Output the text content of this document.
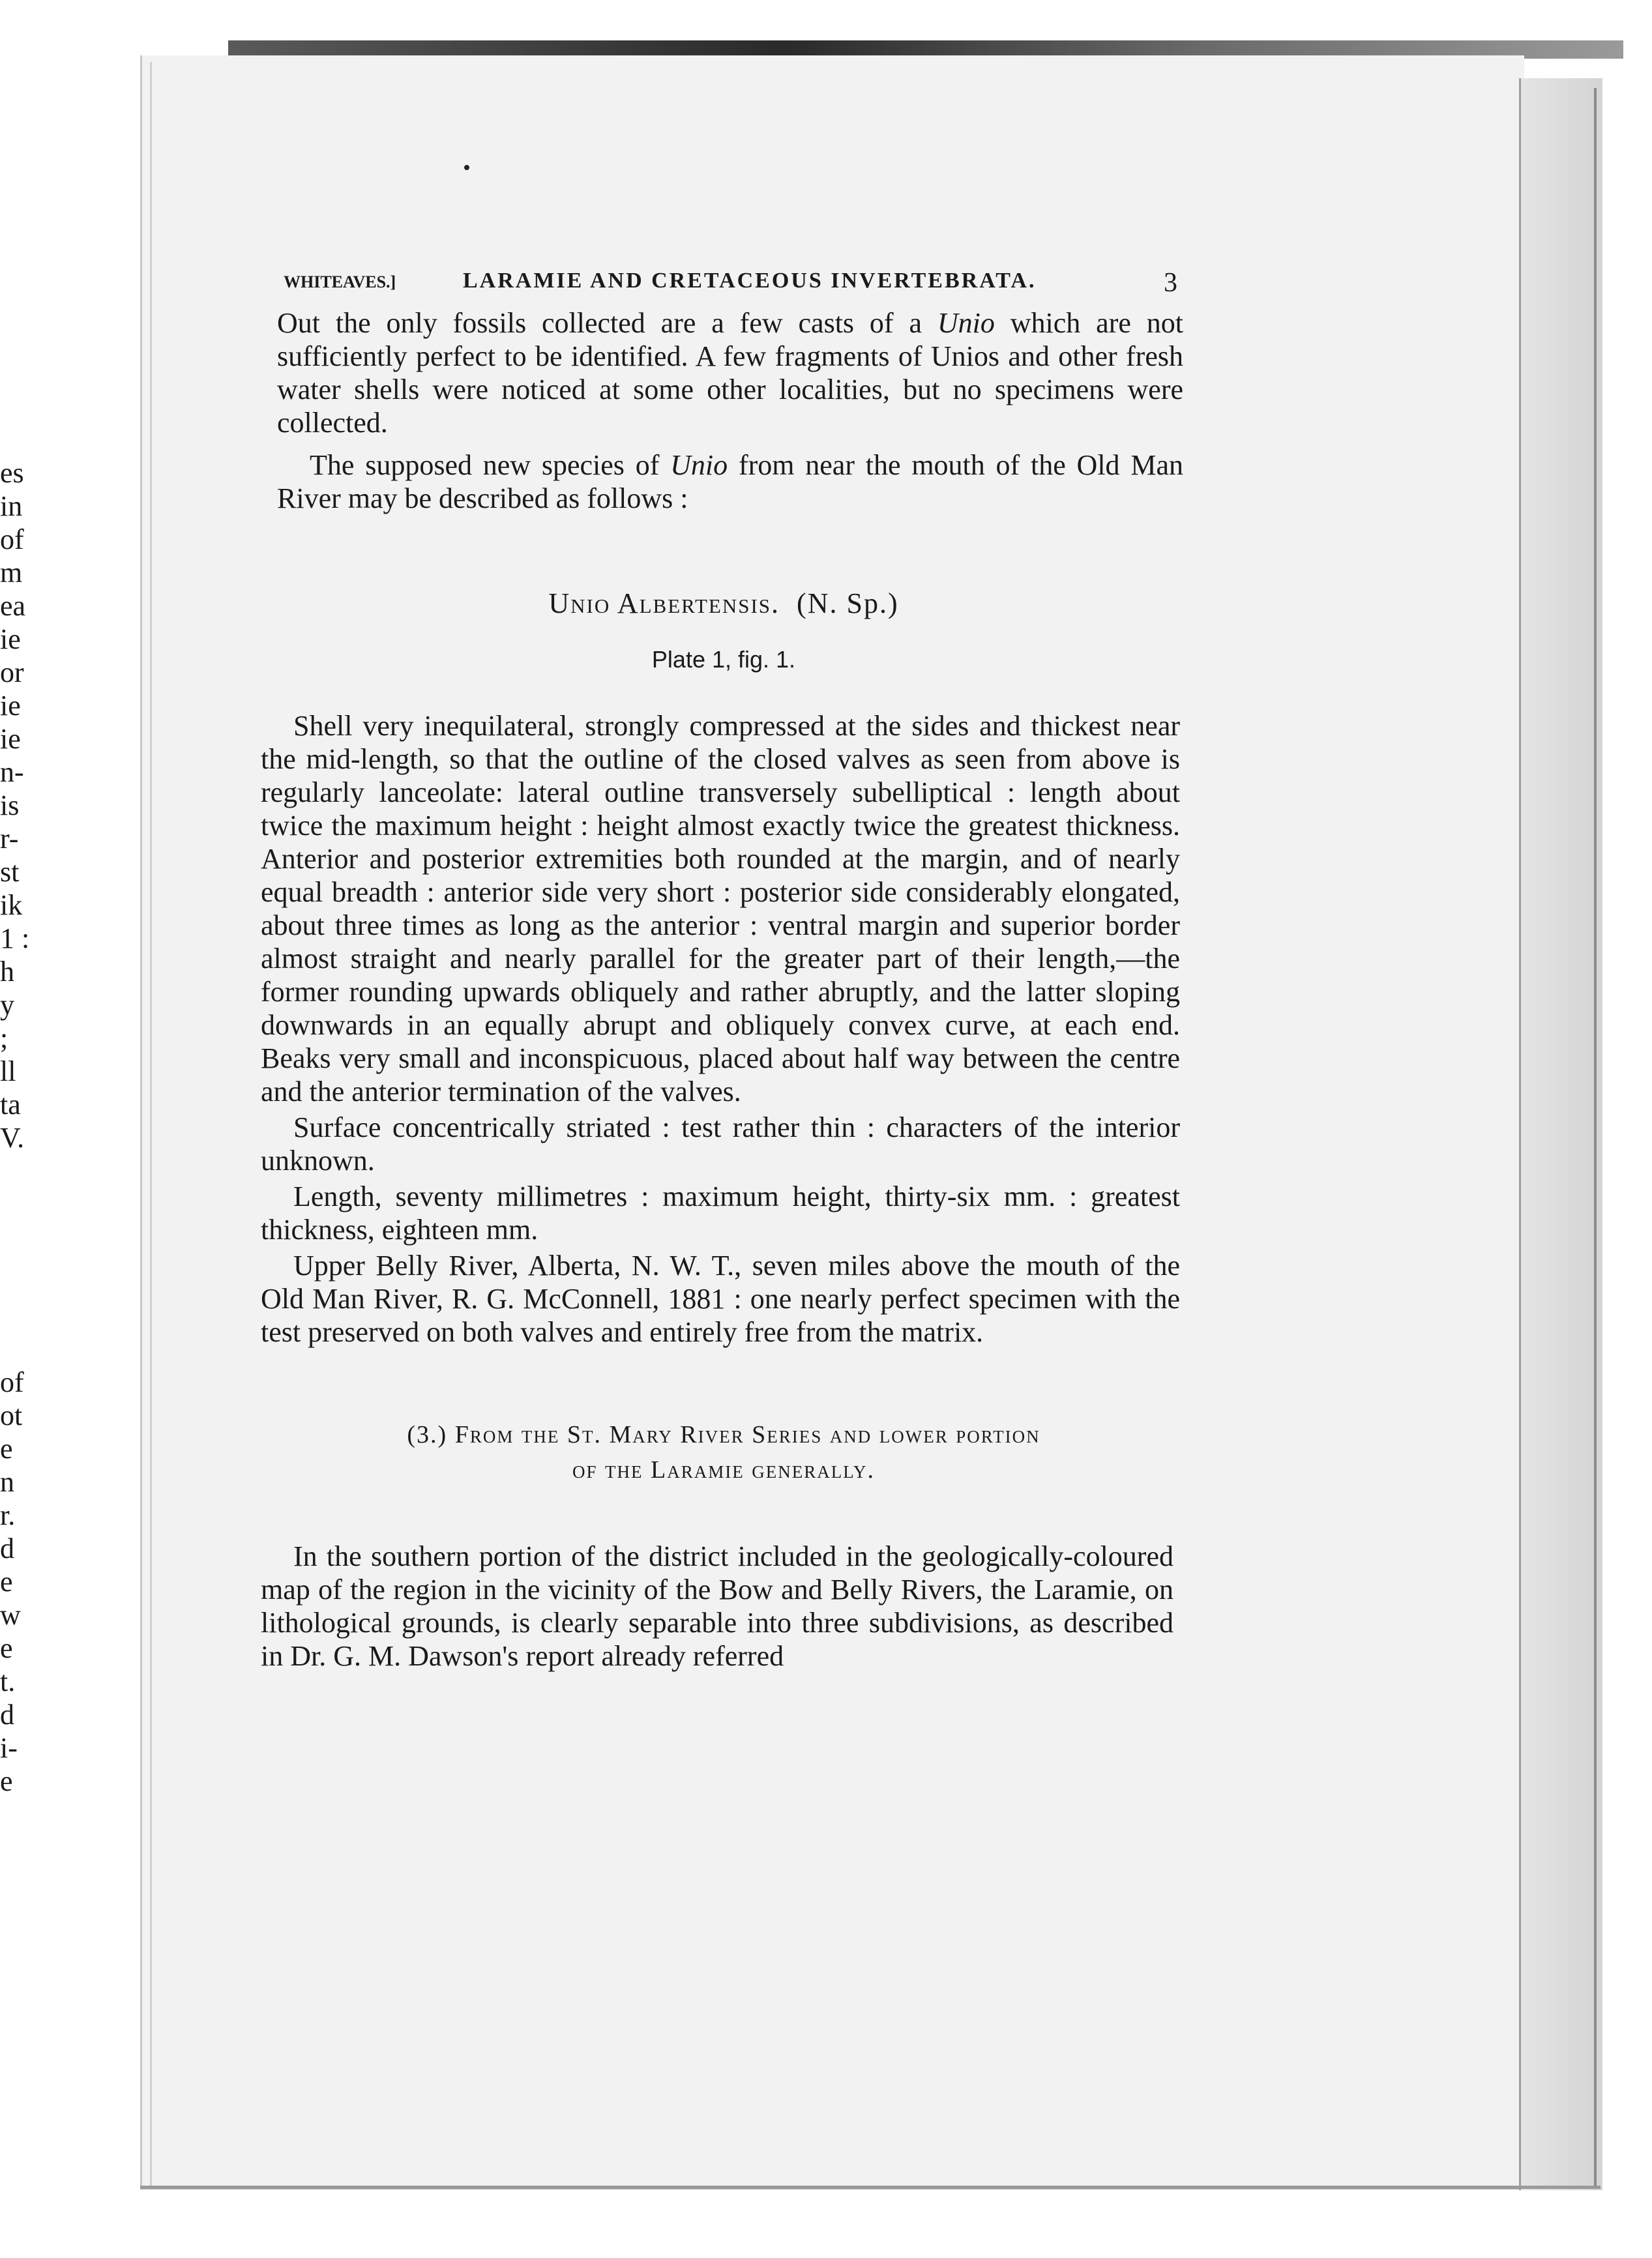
es
in
of
m
ea
ie
or
ie
ie
n-
is
r-
st
ik
1 :
h
y
;
ll
ta
V.
of
ot
e
n
r.
d
e
w
e
t.
d
i-
e
WHITEAVES.]	LARAMIE AND CRETACEOUS INVERTEBRATA.	3

Out the only fossils collected are a few casts of a Unio which are not sufficiently perfect to be identified. A few fragments of Unios and other fresh water shells were noticed at some other localities, but no specimens were collected.

The supposed new species of Unio from near the mouth of the Old Man River may be described as follows :

Unio Albertensis. (N. Sp.)
Plate 1, fig. 1.

Shell very inequilateral, strongly compressed at the sides and thickest near the mid-length, so that the outline of the closed valves as seen from above is regularly lanceolate: lateral outline transversely subelliptical : length about twice the maximum height : height almost exactly twice the greatest thickness. Anterior and posterior extremities both rounded at the margin, and of nearly equal breadth : anterior side very short : posterior side considerably elongated, about three times as long as the anterior : ventral margin and superior border almost straight and nearly parallel for the greater part of their length,—the former rounding upwards obliquely and rather abruptly, and the latter sloping downwards in an equally abrupt and obliquely convex curve, at each end. Beaks very small and inconspicuous, placed about half way between the centre and the anterior termination of the valves.

Surface concentrically striated : test rather thin : characters of the interior unknown.

Length, seventy millimetres : maximum height, thirty-six mm. : greatest thickness, eighteen mm.

Upper Belly River, Alberta, N. W. T., seven miles above the mouth of the Old Man River, R. G. McConnell, 1881 : one nearly perfect specimen with the test preserved on both valves and entirely free from the matrix.

(3.) From the St. Mary River Series and lower portion
of the Laramie generally.

In the southern portion of the district included in the geologically-coloured map of the region in the vicinity of the Bow and Belly Rivers, the Laramie, on lithological grounds, is clearly separable into three subdivisions, as described in Dr. G. M. Dawson's report already referred
